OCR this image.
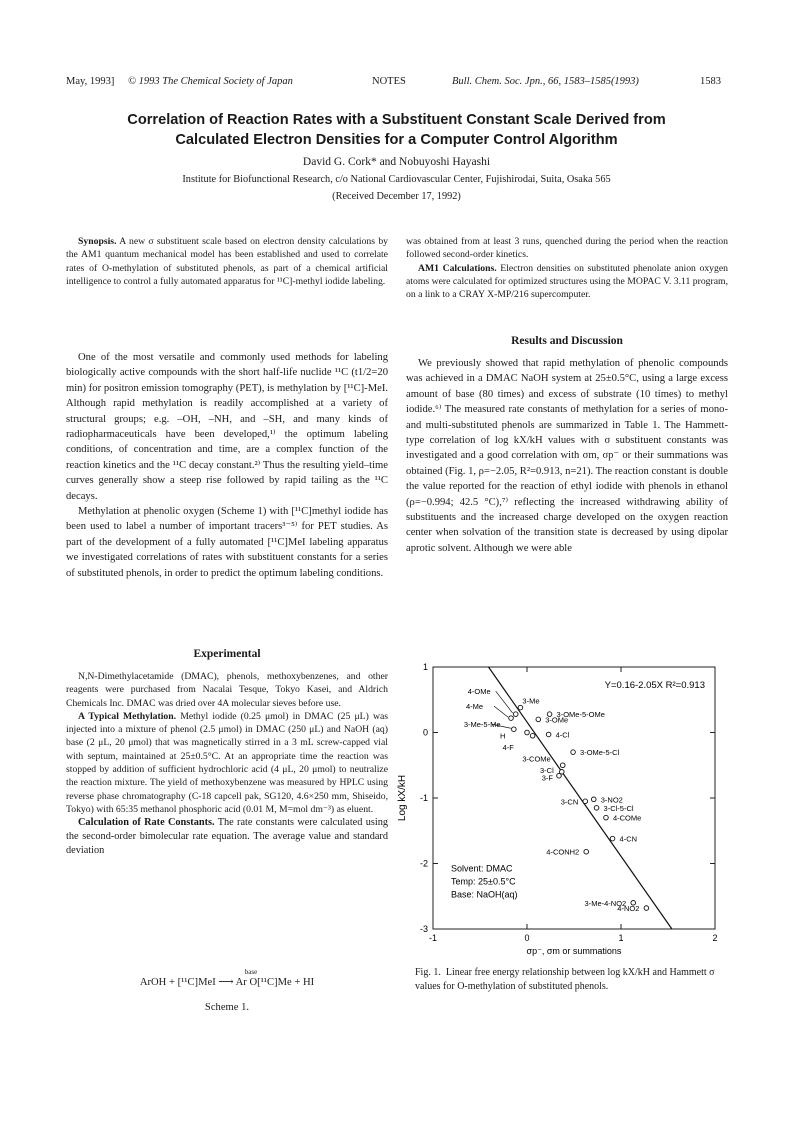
May, 1993] © 1993 The Chemical Society of Japan	NOTES	Bull. Chem. Soc. Jpn., 66, 1583–1585(1993)	1583
Correlation of Reaction Rates with a Substituent Constant Scale Derived from
Calculated Electron Densities for a Computer Control Algorithm
David G. Cork* and Nobuyoshi Hayashi
Institute for Biofunctional Research, c/o National Cardiovascular Center, Fujishirodai, Suita, Osaka 565
(Received December 17, 1992)

Synopsis. A new σ substituent scale based on electron density calculations by the AM1 quantum mechanical model has been established and used to correlate rates of O-methylation of substituted phenols, as part of a chemical artificial intelligence to control a fully automated apparatus for ¹¹C]-methyl iodide labeling.

One of the most versatile and commonly used methods for labeling biologically active compounds with the short half-life nuclide ¹¹C (t1/2=20 min) for positron emission tomography (PET), is methylation by [¹¹C]-MeI. Although rapid methylation is readily accomplished at a variety of structural groups; e.g. –OH, –NH, and –SH, and many kinds of radiopharmaceuticals have been developed,¹⁾ the optimum labeling conditions, of concentration and time, are a complex function of the reaction kinetics and the ¹¹C decay constant.²⁾ Thus the resulting yield–time curves generally show a steep rise followed by rapid tailing as the ¹¹C decays.

Methylation at phenolic oxygen (Scheme 1) with [¹¹C]methyl iodide has been used to label a number of important tracers³⁻⁵⁾ for PET studies. As part of the development of a fully automated [¹¹C]MeI labeling apparatus we investigated correlations of rates with substituent constants for a series of substituted phenols, in order to predict the optimum labeling conditions.

Experimental

N,N-Dimethylacetamide (DMAC), phenols, methoxybenzenes, and other reagents were purchased from Nacalai Tesque, Tokyo Kasei, and Aldrich Chemicals Inc. DMAC was dried over 4A molecular sieves before use.

A Typical Methylation. Methyl iodide (0.25 μmol) in DMAC (25 μL) was injected into a mixture of phenol (2.5 μmol) in DMAC (250 μL) and NaOH (aq) base (2 μL, 20 μmol) that was magnetically stirred in a 3 mL screw-capped vial with septum, maintained at 25±0.5°C. At an appropriate time the reaction was stopped by addition of sufficient hydrochloric acid (4 μL, 20 μmol) to neutralize the reaction mixture. The yield of methoxybenzene was measured by HPLC using reverse phase chromatography (C-18 capcell pak, SG120, 4.6×250 mm, Shiseido, Tokyo) with 65:35 methanol phosphoric acid (0.01 M, M=mol dm⁻³) as eluent.

Calculation of Rate Constants. The rate constants were calculated using the second-order bimolecular rate equation. The average value and standard deviation

base
ArOH + [¹¹C]MeI ⟶ Ar O[¹¹C]Me + HI
Scheme 1.

was obtained from at least 3 runs, quenched during the period when the reaction followed second-order kinetics.

AM1 Calculations. Electron densities on substituted phenolate anion oxygen atoms were calculated for optimized structures using the MOPAC V. 3.11 program, on a link to a CRAY X-MP/216 supercomputer.

Results and Discussion

We previously showed that rapid methylation of phenolic compounds was achieved in a DMAC NaOH system at 25±0.5°C, using a large excess amount of base (80 times) and excess of substrate (10 times) to methyl iodide.⁶⁾ The measured rate constants of methylation for a series of mono- and multi-substituted phenols are summarized in Table 1. The Hammett-type correlation of log kX/kH values with σ substituent constants was investigated and a good correlation with σm, σp⁻ or their summations was obtained (Fig. 1, ρ=−2.05, R²=0.913, n=21). The reaction constant is double the value reported for the reaction of ethyl iodide with phenols in ethanol (ρ=−0.994; 42.5 °C),⁷⁾ reflecting the increased withdrawing ability of substituents and the increased charge developed on the oxygen reaction center when solvation of the transition state is decreased by using dipolar aprotic solvent. Although we were able

-1	0	1	2
1
0
-1
-2
-3
σp⁻, σm or summations
Log kX/kH
Y=0.16-2.05X R²=0.913
4-OMe
3-Me
4-Me
3-Me-5-Me
H
4-F
3-OMe-5-OMe
3-OMe
4-Cl
3-OMe-5-Cl
3-COMe
3-Cl
3-F
3-NO2
3-CN
3-Cl-5-Cl
4-COMe
4-CN
4-CONH2
3-Me-4-NO2
4-NO2
Solvent: DMAC
Temp: 25±0.5°C
Base: NaOH(aq)
Fig. 1. Linear free energy relationship between log kX/kH and Hammett σ values for O-methylation of substituted phenols.
